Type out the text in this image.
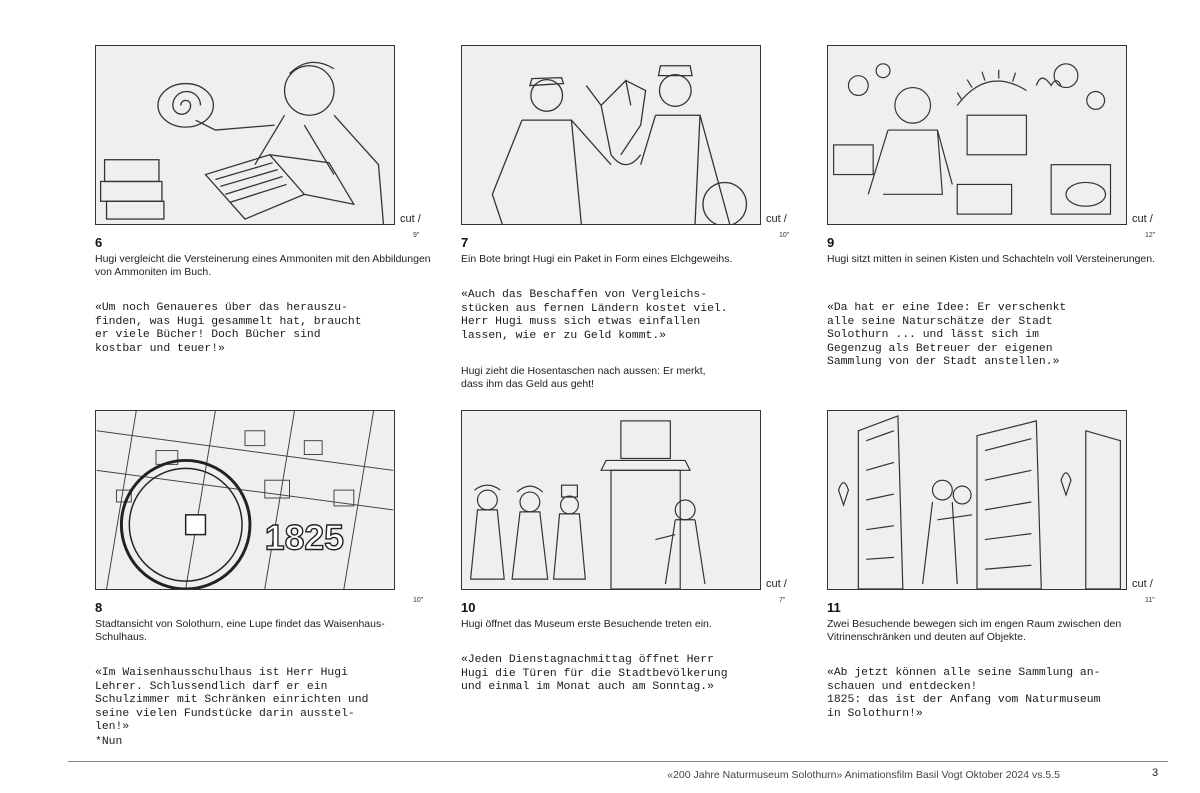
cut /
9"
6

Hugi vergleicht die Versteinerung eines Ammoniten mit den Abbildungen von Ammoniten im Buch.

«Um noch Genaueres über das herauszu-
finden, was Hugi gesammelt hat, braucht
er viele Bücher! Doch Bücher sind
kostbar und teuer!»

cut /
10"
7

Ein Bote bringt Hugi ein Paket in Form eines Elchgeweihs.

«Auch das Beschaffen von Vergleichs-
stücken aus fernen Ländern kostet viel.
Herr Hugi muss sich etwas einfallen
lassen, wie er zu Geld kommt.»

Hugi zieht die Hosentaschen nach aussen: Er merkt,
dass ihm das Geld aus geht!

cut /
12"
9

Hugi sitzt mitten in seinen Kisten und Schachteln voll Versteinerungen.

«Da hat er eine Idee: Er verschenkt
alle seine Naturschätze der Stadt
Solothurn ... und lässt sich im
Gegenzug als Betreuer der eigenen
Sammlung von der Stadt anstellen.»

1825
10"
8

Stadtansicht von Solothurn, eine Lupe findet das Waisenhaus-Schulhaus.

«Im Waisenhausschulhaus ist Herr Hugi
Lehrer. Schlussendlich darf er ein
Schulzimmer mit Schränken einrichten und
seine vielen Fundstücke darin ausstel-
len!»

*Nun
cut /
7"
10

Hugi öffnet das Museum erste Besuchende treten ein.

«Jeden Dienstagnachmittag öffnet Herr
Hugi die Türen für die Stadtbevölkerung
und einmal im Monat auch am Sonntag.»

cut /
11"
11

Zwei Besuchende bewegen sich im engen Raum zwischen den Vitrinenschränken und deuten auf Objekte.

«Ab jetzt können alle seine Sammlung an-
schauen und entdecken!
1825: das ist der Anfang vom Naturmuseum
in Solothurn!»

«200 Jahre Naturmuseum Solothurn» Animationsfilm Basil Vogt Oktober 2024 vs.5.5	3
